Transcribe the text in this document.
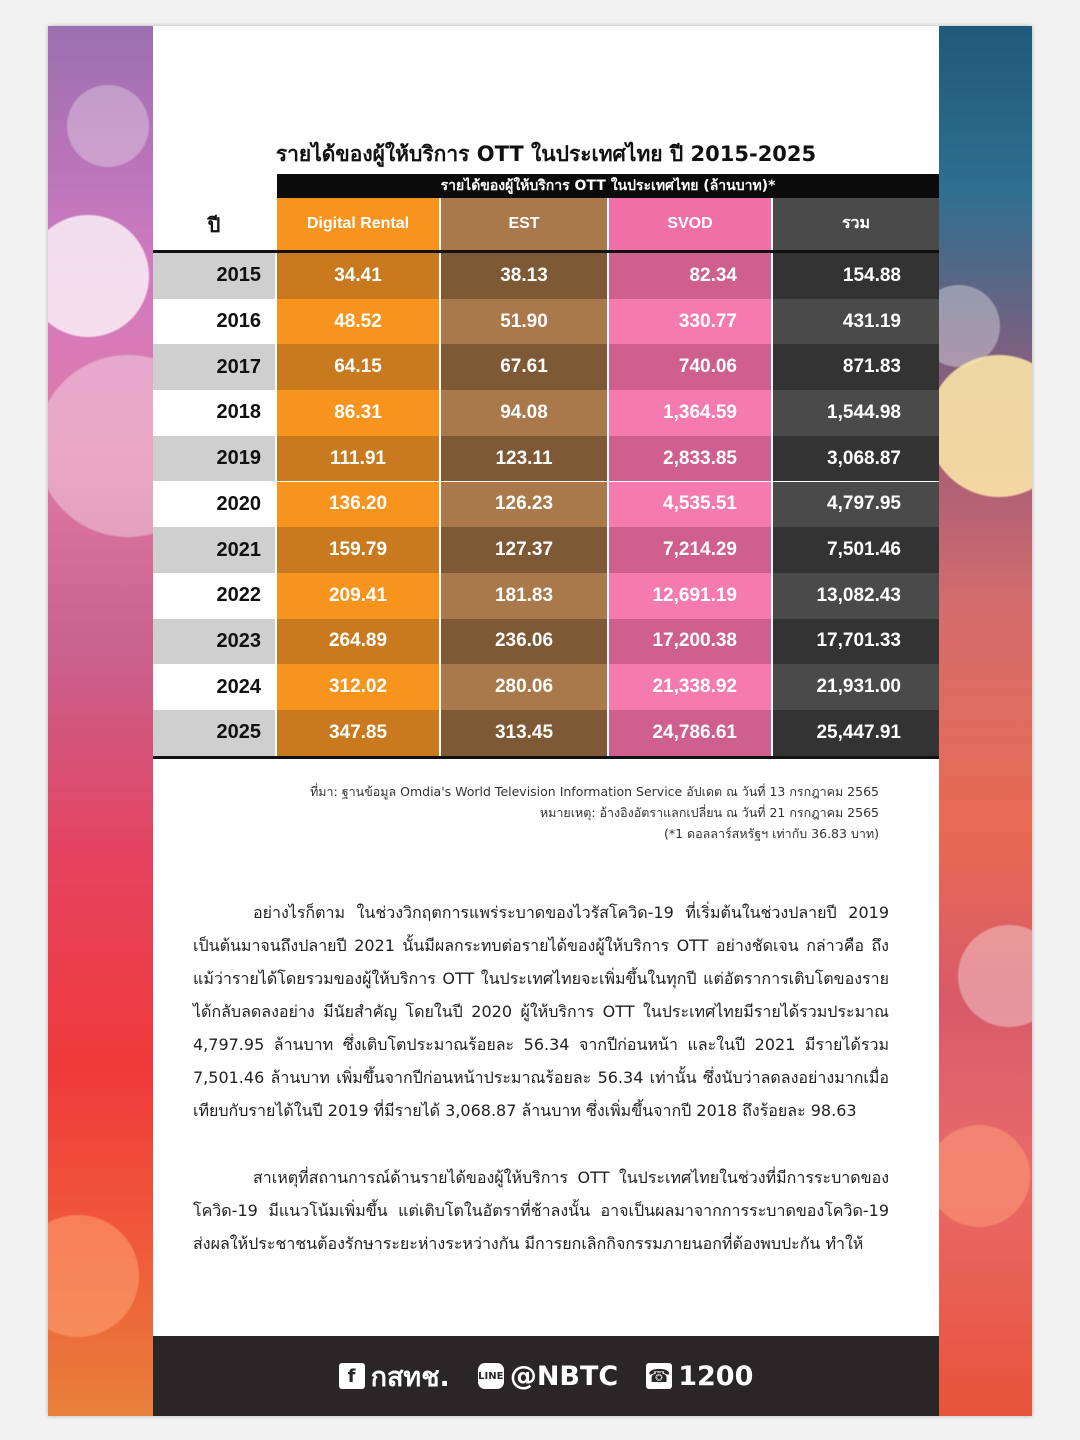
รายได้ของผู้ให้บริการ OTT ในประเทศไทย ปี 2015-2025
รายได้ของผู้ให้บริการ OTT ในประเทศไทย (ล้านบาท)*
ปี	Digital Rental	EST	SVOD	รวม
2015	34.41	38.13	82.34	154.88
2016	48.52	51.90	330.77	431.19
2017	64.15	67.61	740.06	871.83
2018	86.31	94.08	1,364.59	1,544.98
2019	111.91	123.11	2,833.85	3,068.87
2020	136.20	126.23	4,535.51	4,797.95
2021	159.79	127.37	7,214.29	7,501.46
2022	209.41	181.83	12,691.19	13,082.43
2023	264.89	236.06	17,200.38	17,701.33
2024	312.02	280.06	21,338.92	21,931.00
2025	347.85	313.45	24,786.61	25,447.91
ที่มา: ฐานข้อมูล Omdia's World Television Information Service อัปเดต ณ วันที่ 13 กรกฎาคม 2565
หมายเหตุ: อ้างอิงอัตราแลกเปลี่ยน ณ วันที่ 21 กรกฎาคม 2565
(*1 ดอลลาร์สหรัฐฯ เท่ากับ 36.83 บาท)

อย่างไรก็ตาม ในช่วงวิกฤตการแพร่ระบาดของไวรัสโควิด-19 ที่เริ่มต้นในช่วงปลายปี 2019 เป็นต้นมาจนถึงปลายปี 2021 นั้นมีผลกระทบต่อรายได้ของผู้ให้บริการ OTT อย่างชัดเจน กล่าวคือ ถึงแม้ว่ารายได้โดยรวมของผู้ให้บริการ OTT ในประเทศไทยจะเพิ่มขึ้นในทุกปี แต่อัตราการเติบโตของรายได้กลับลดลงอย่าง มีนัยสำคัญ โดยในปี 2020 ผู้ให้บริการ OTT ในประเทศไทยมีรายได้รวมประมาณ 4,797.95 ล้านบาท ซึ่งเติบโตประมาณร้อยละ 56.34 จากปีก่อนหน้า และในปี 2021 มีรายได้รวม 7,501.46 ล้านบาท เพิ่มขึ้นจากปีก่อนหน้าประมาณร้อยละ 56.34 เท่านั้น ซึ่งนับว่าลดลงอย่างมากเมื่อเทียบกับรายได้ในปี 2019 ที่มีรายได้ 3,068.87 ล้านบาท ซึ่งเพิ่มขึ้นจากปี 2018 ถึงร้อยละ 98.63

สาเหตุที่สถานการณ์ด้านรายได้ของผู้ให้บริการ OTT ในประเทศไทยในช่วงที่มีการระบาดของโควิด-19 มีแนวโน้มเพิ่มขึ้น แต่เติบโตในอัตราที่ช้าลงนั้น อาจเป็นผลมาจากการระบาดของโควิด-19 ส่งผลให้ประชาชนต้องรักษาระยะห่างระหว่างกัน มีการยกเลิกกิจกรรมภายนอกที่ต้องพบปะกัน ทำให้

f กสทช.	LINE @NBTC ☎ 1200
